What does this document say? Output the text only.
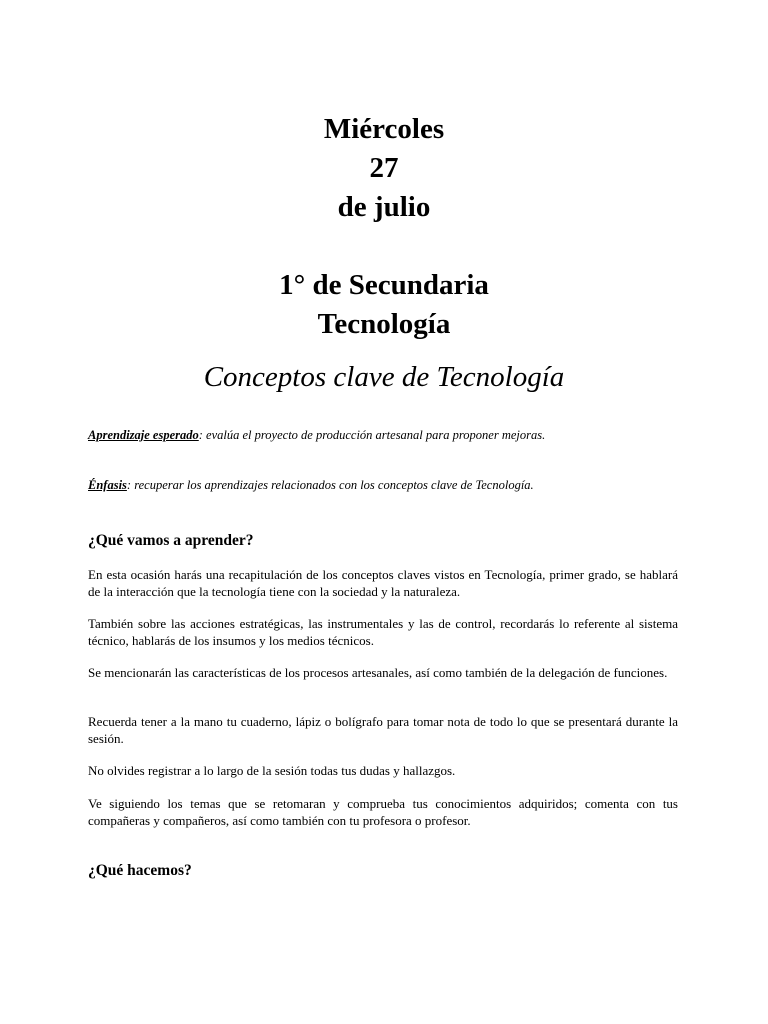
Miércoles
27
de julio
1° de Secundaria
Tecnología
Conceptos clave de Tecnología
Aprendizaje esperado: evalúa el proyecto de producción artesanal para proponer mejoras.
Énfasis: recuperar los aprendizajes relacionados con los conceptos clave de Tecnología.
¿Qué vamos a aprender?
En esta ocasión harás una recapitulación de los conceptos claves vistos en Tecnología, primer grado, se hablará de la interacción que la tecnología tiene con la sociedad y la naturaleza.
También sobre las acciones estratégicas, las instrumentales y las de control, recordarás lo referente al sistema técnico, hablarás de los insumos y los medios técnicos.
Se mencionarán las características de los procesos artesanales, así como también de la delegación de funciones.
Recuerda tener a la mano tu cuaderno, lápiz o bolígrafo para tomar nota de todo lo que se presentará durante la sesión.
No olvides registrar a lo largo de la sesión todas tus dudas y hallazgos.
Ve siguiendo los temas que se retomaran y comprueba tus conocimientos adquiridos; comenta con tus compañeras y compañeros, así como también con tu profesora o profesor.
¿Qué hacemos?
